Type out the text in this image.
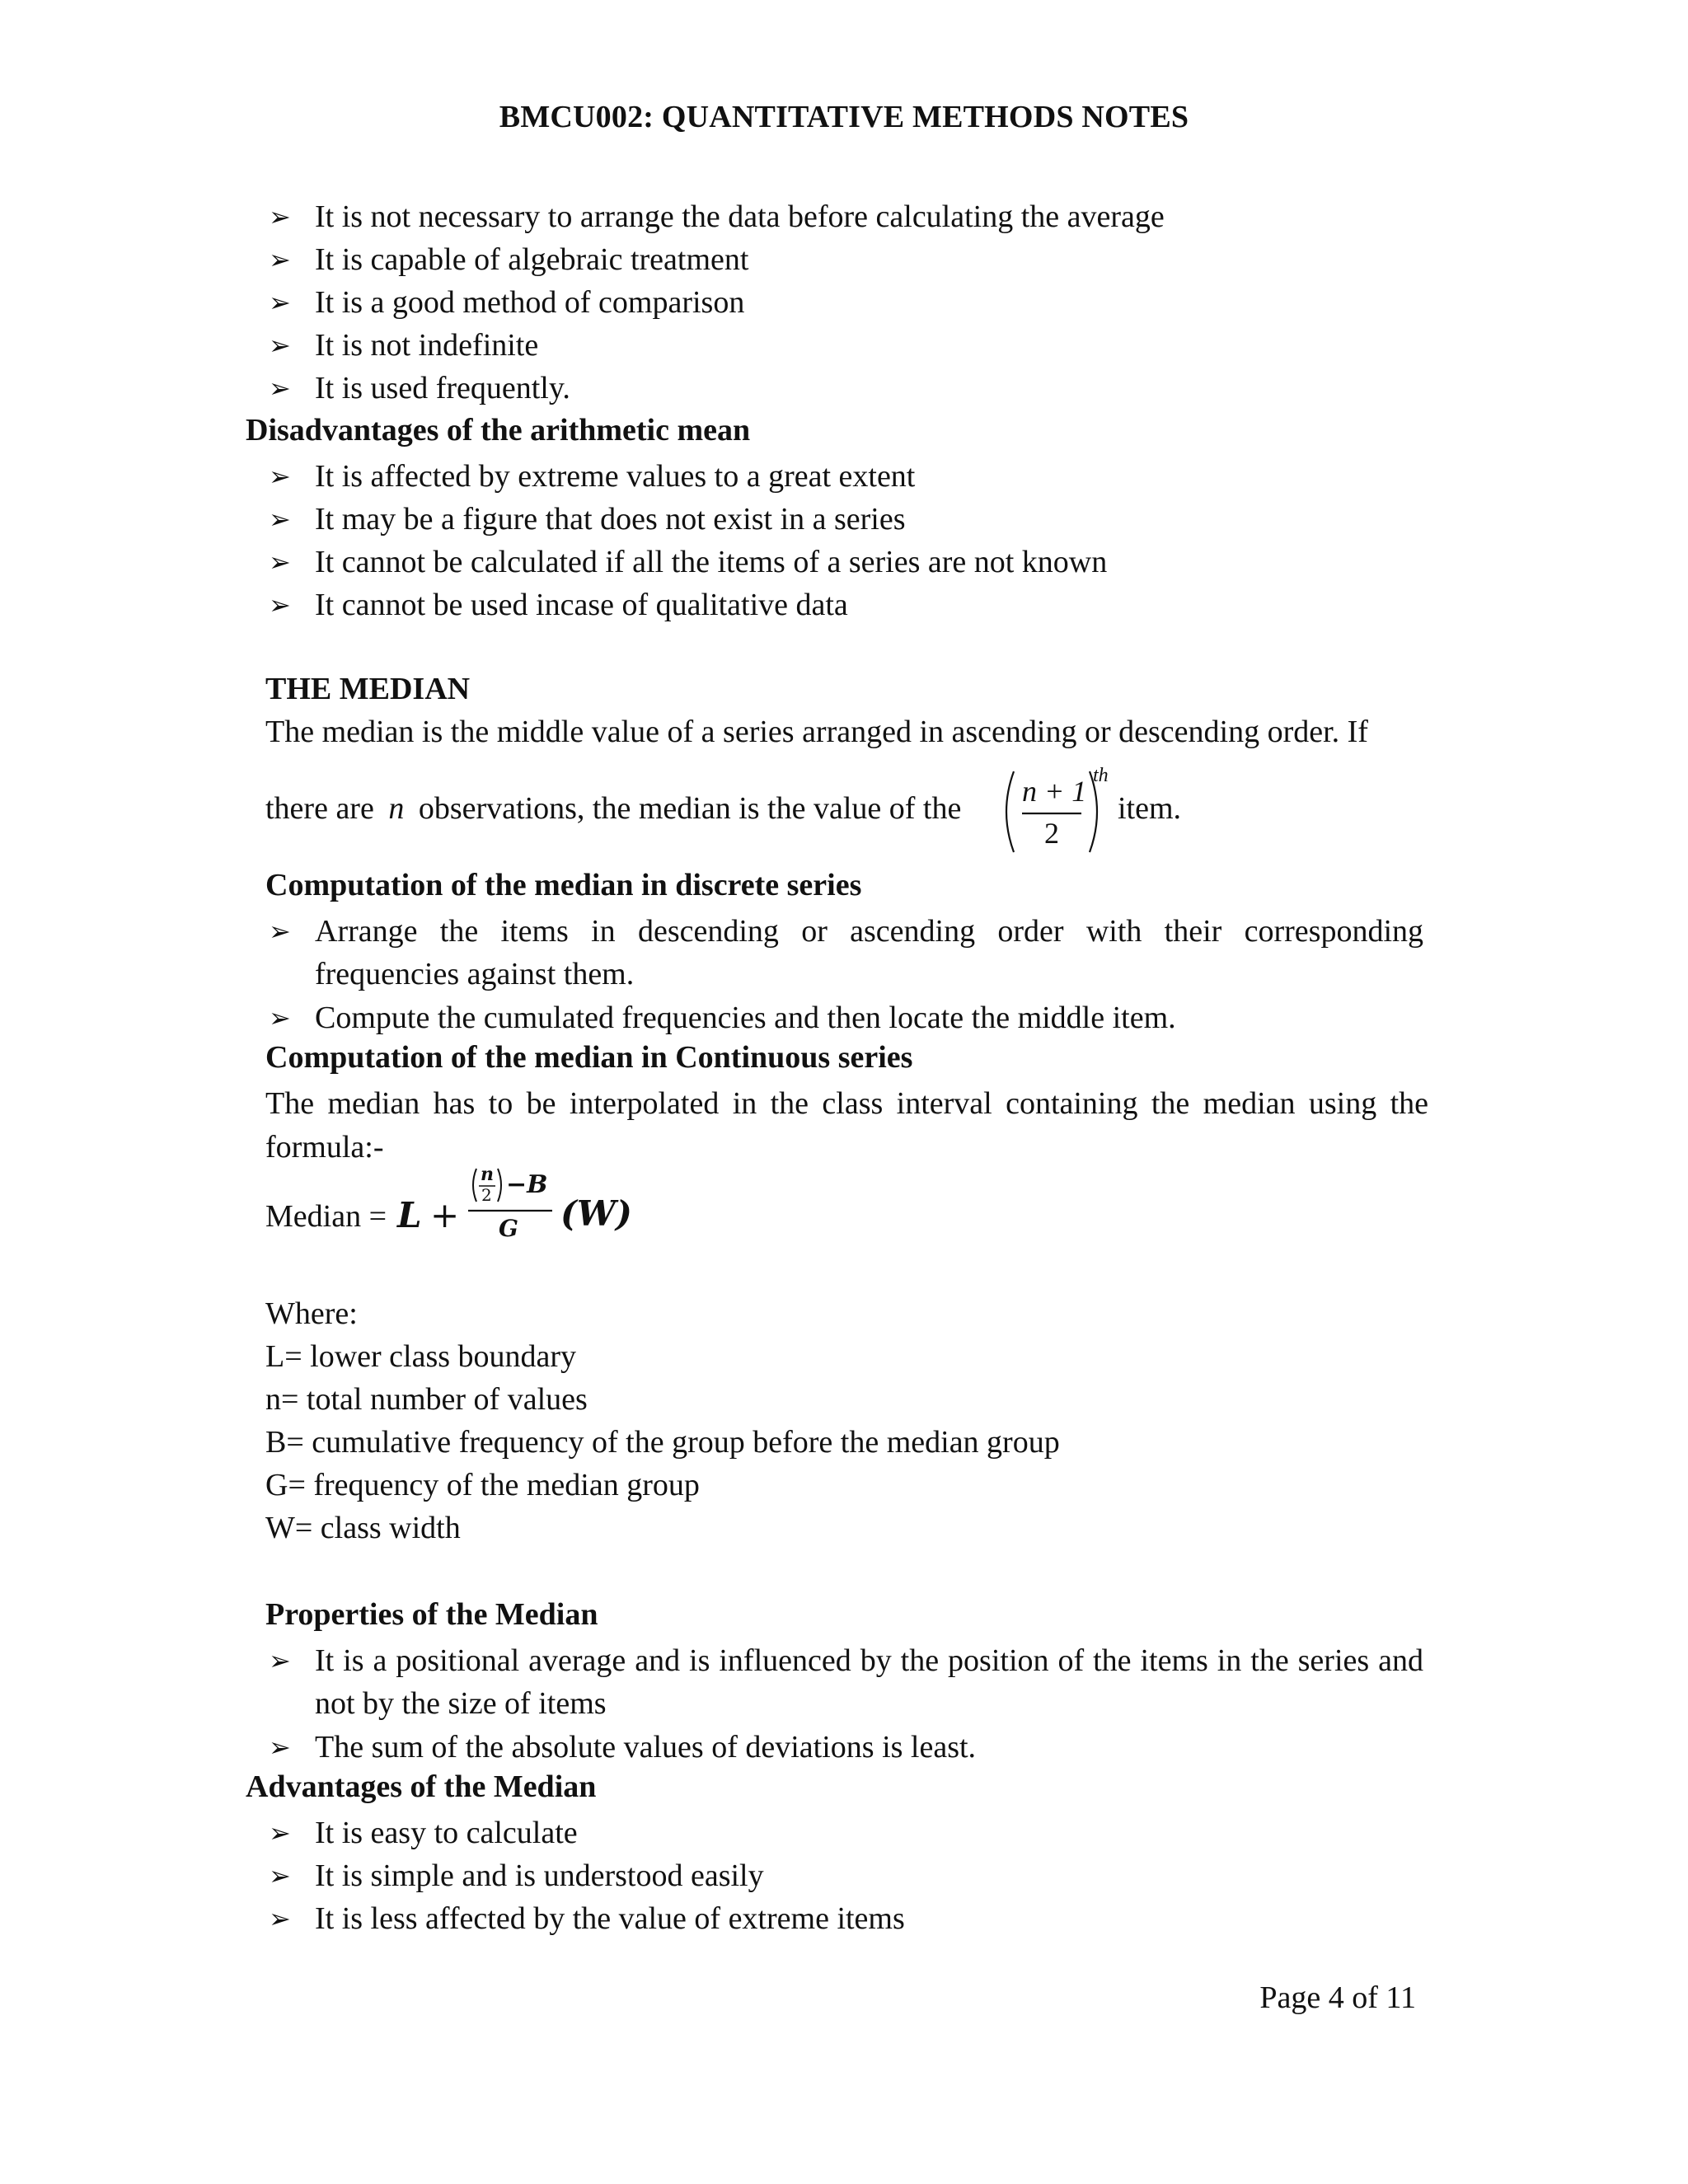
BMCU002: QUANTITATIVE METHODS NOTES
➢ It is not necessary to arrange the data before calculating the average
➢ It is capable of algebraic treatment
➢ It is a good method of comparison
➢ It is not indefinite
➢ It is used frequently.
Disadvantages of the arithmetic mean
➢ It is affected by extreme values to a great extent
➢ It may be a figure that does not exist in a series
➢ It cannot be calculated if all the items of a series are not known
➢ It cannot be used incase of qualitative data
THE MEDIAN
The median is the middle value of a series arranged in ascending or descending order. If
there are n observations, the median is the value of the n + 1
2
th
item.
Computation of the median in discrete series
➢ Arrange the items in descending or ascending order with their corresponding frequencies against them.
➢ Compute the cumulated frequencies and then locate the middle item.
Computation of the median in Continuous series
The median has to be interpolated in the class interval containing the median using the formula:-
Median = L +
n
2 −B
G (W)
Where:
L= lower class boundary
n= total number of values
B= cumulative frequency of the group before the median group
G= frequency of the median group
W= class width
Properties of the Median
➢ It is a positional average and is influenced by the position of the items in the series and not by the size of items
➢ The sum of the absolute values of deviations is least.
Advantages of the Median
➢ It is easy to calculate
➢ It is simple and is understood easily
➢ It is less affected by the value of extreme items
Page 4 of 11
